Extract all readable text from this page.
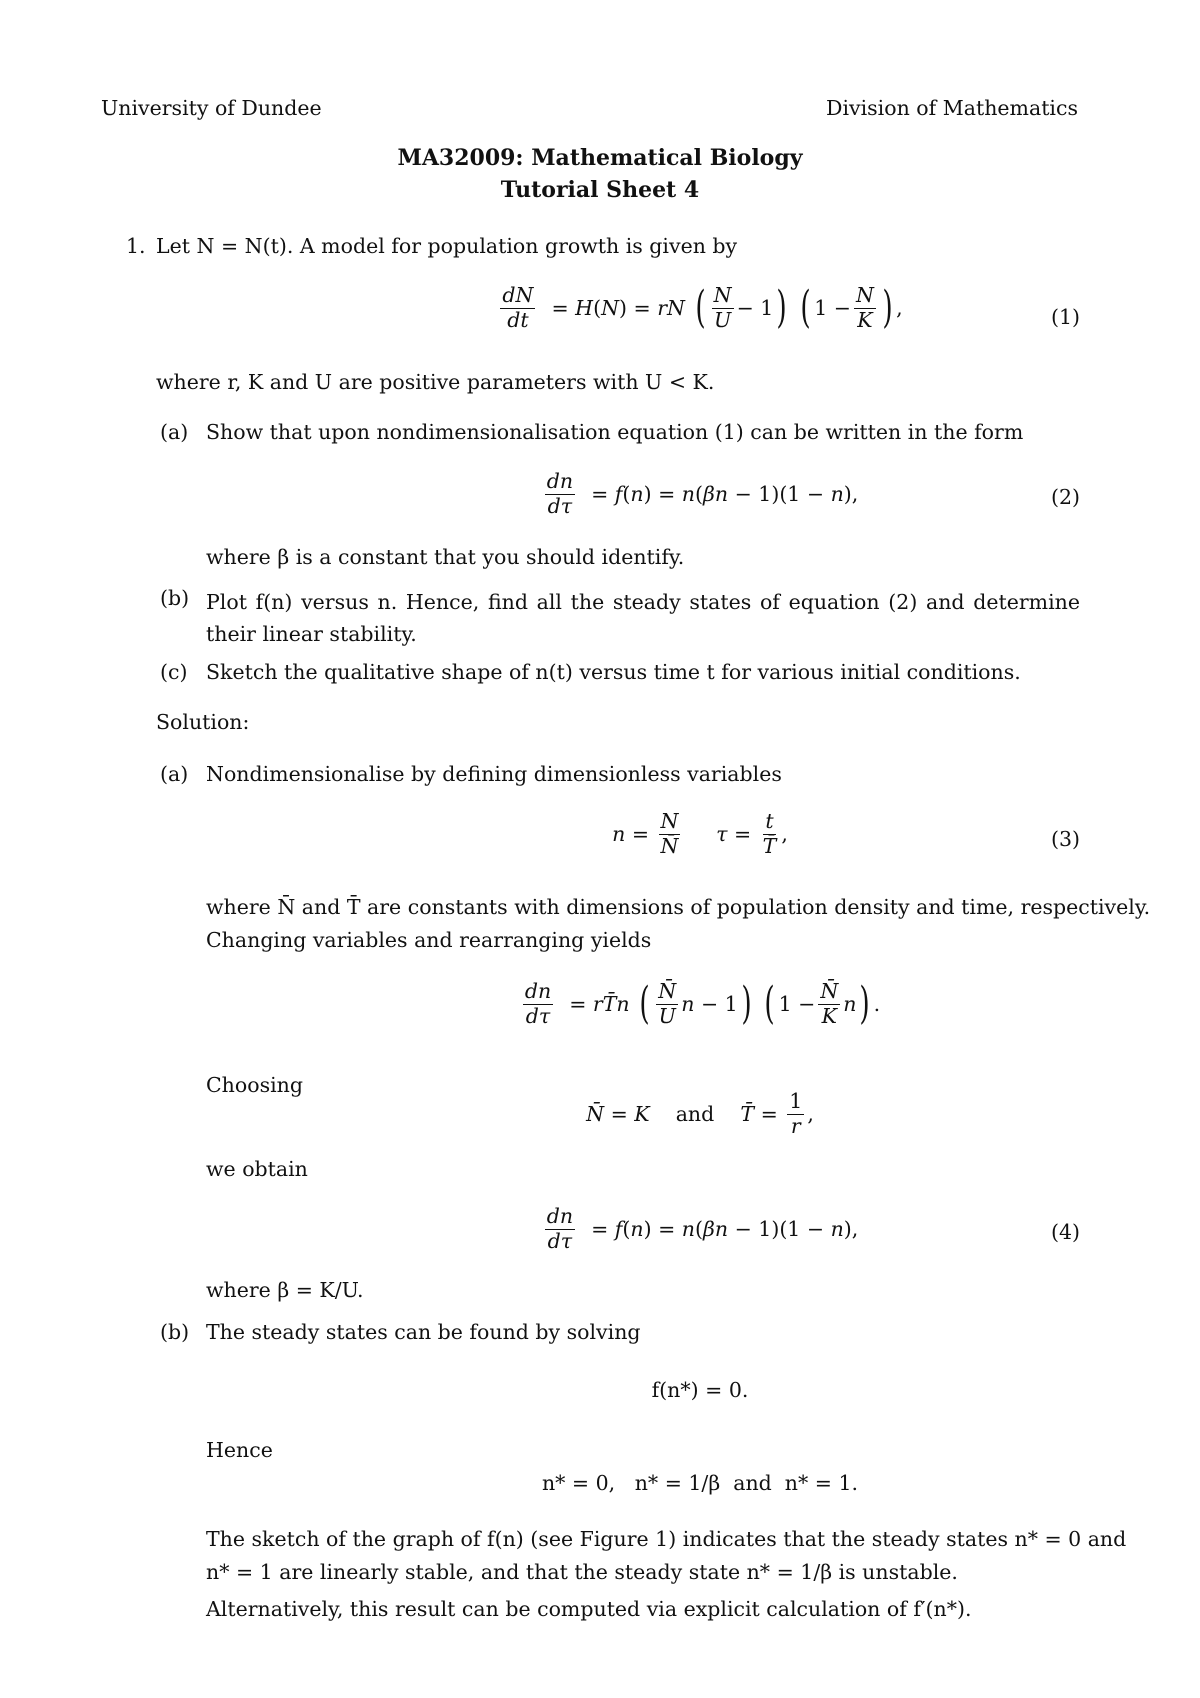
University of Dundee	Division of Mathematics
MA32009: Mathematical Biology
Tutorial Sheet 4
1. Let N = N(t). A model for population growth is given by
$\frac{dN}{dt} = H(N)$ = rN ( $\frac{N}{U} - 1$) ( $1 - \frac{N}{K}$ ) ,	(1)
where r, K and U are positive parameters with U < K.
(a) Show that upon nondimensionalisation equation (1) can be written in the form
$\frac{dn}{d\tau} = f(n) = n(\beta n - 1)(1 - n)$,	(2)
where β is a constant that you should identify.
(b) Plot f(n) versus n. Hence, find all the steady states of equation (2) and determine their linear stability.
(c) Sketch the qualitative shape of n(t) versus time t for various initial conditions.
Solution:
(a) Nondimensionalise by defining dimensionless variables
$n = \frac{N}{N̄}$ $\tau = \frac{t}{T̄}$ ,	(3)
where N̄ and T̄ are constants with dimensions of population density and time, respectively.
Changing variables and rearranging yields
$\frac{dn}{d\tau}$ = rT̄n ( $\frac{N̄}{U}$ n − 1) ( $1 - \frac{N̄}{K} n$) .
Choosing
N̄ = K and T̄ = $\frac{1}{r}$ ,
we obtain
$\frac{dn}{d\tau} = f(n) = n(\beta n - 1)(1 - n)$,	(4)
where β = K/U.
(b) The steady states can be found by solving
f(n*) = 0.
Hence
n* = 0,   n* = 1/β  and  n* = 1.
The sketch of the graph of f(n) (see Figure 1) indicates that the steady states n* = 0 and
n* = 1 are linearly stable, and that the steady state n* = 1/β is unstable.
Alternatively, this result can be computed via explicit calculation of f′(n*).
